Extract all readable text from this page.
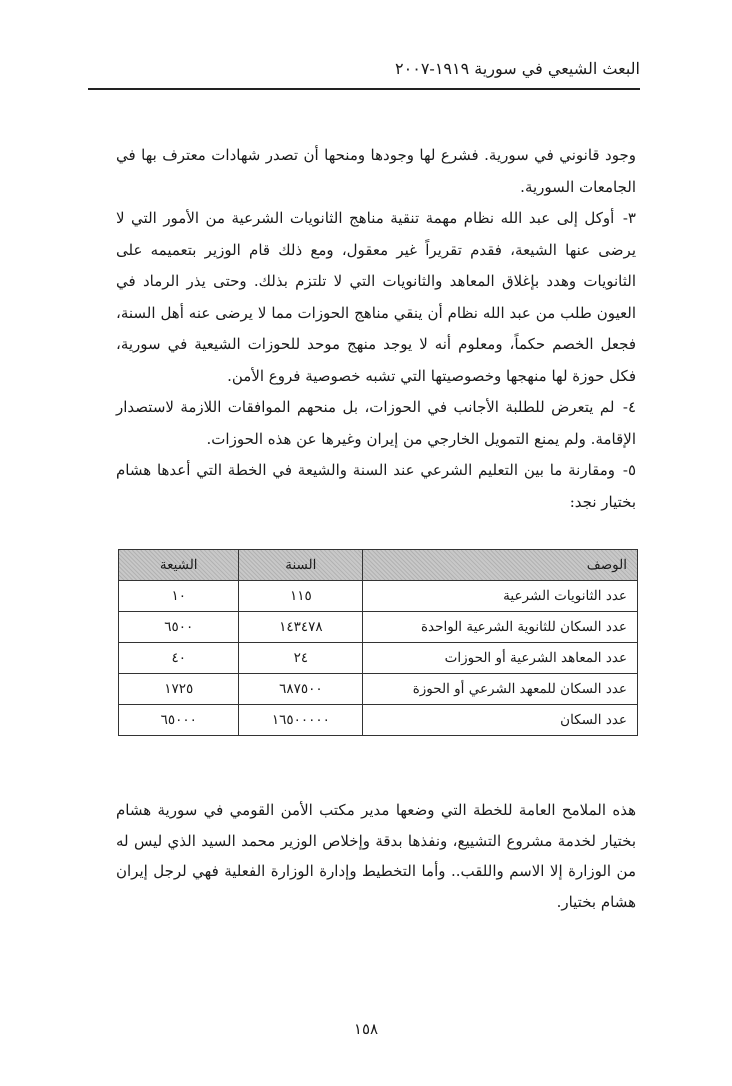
البعث الشيعي في سورية ١٩١٩-٢٠٠٧

وجود قانوني في سورية. فشرع لها وجودها ومنحها أن تصدر شهادات معترف بها في الجامعات السورية.

٣- أوكل إلى عبد الله نظام مهمة تنقية مناهج الثانويات الشرعية من الأمور التي لا يرضى عنها الشيعة، فقدم تقريراً غير معقول، ومع ذلك قام الوزير بتعميمه على الثانويات وهدد بإغلاق المعاهد والثانويات التي لا تلتزم بذلك. وحتى يذر الرماد في العيون طلب من عبد الله نظام أن ينقي مناهج الحوزات مما لا يرضى عنه أهل السنة، فجعل الخصم حكماً، ومعلوم أنه لا يوجد منهج موحد للحوزات الشيعية في سورية، فكل حوزة لها منهجها وخصوصيتها التي تشبه خصوصية فروع الأمن.

٤- لم يتعرض للطلبة الأجانب في الحوزات، بل منحهم الموافقات اللازمة لاستصدار الإقامة. ولم يمنع التمويل الخارجي من إيران وغيرها عن هذه الحوزات.

٥- ومقارنة ما بين التعليم الشرعي عند السنة والشيعة في الخطة التي أعدها هشام بختيار نجد:

الوصف	السنة	الشيعة
عدد الثانويات الشرعية	١١٥	١٠
عدد السكان للثانوية الشرعية الواحدة	١٤٣٤٧٨	٦٥٠٠
عدد المعاهد الشرعية أو الحوزات	٢٤	٤٠
عدد السكان للمعهد الشرعي أو الحوزة	٦٨٧٥٠٠	١٧٢٥
عدد السكان	١٦٥٠٠٠٠٠	٦٥٠٠٠

هذه الملامح العامة للخطة التي وضعها مدير مكتب الأمن القومي في سورية هشام بختيار لخدمة مشروع التشييع، ونفذها بدقة وإخلاص الوزير محمد السيد الذي ليس له من الوزارة إلا الاسم واللقب.. وأما التخطيط وإدارة الوزارة الفعلية فهي لرجل إيران هشام بختيار.

١٥٨
